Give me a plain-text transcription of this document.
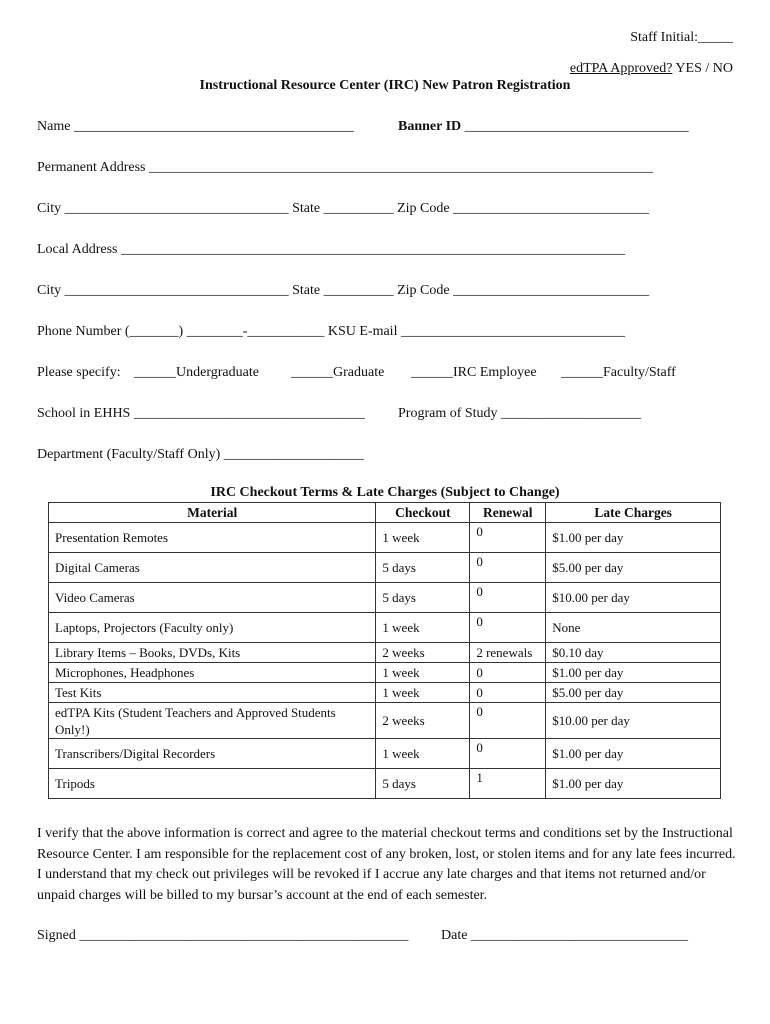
Staff Initial:_____
edTPA Approved? YES / NO
Instructional Resource Center (IRC) New Patron Registration
Name ________________________________________	Banner ID ________________________________
Permanent Address ________________________________________________________________________
City ________________________________ State __________ Zip Code ____________________________
Local Address ________________________________________________________________________
City ________________________________ State __________ Zip Code ____________________________
Phone Number (_______) ________-___________ KSU E-mail ________________________________
Please specify: ______Undergraduate ______Graduate ______IRC Employee ______Faculty/Staff
School in EHHS _________________________________ Program of Study ____________________
Department (Faculty/Staff Only) ____________________
IRC Checkout Terms & Late Charges (Subject to Change)
Material	Checkout	Renewal	Late Charges
Presentation Remotes	1 week	0	$1.00 per day
Digital Cameras	5 days	0	$5.00 per day
Video Cameras	5 days	0	$10.00 per day
Laptops, Projectors (Faculty only)	1 week	0	None
Library Items – Books, DVDs, Kits	2 weeks	2 renewals	$0.10 day
Microphones, Headphones	1 week	0	$1.00 per day
Test Kits	1 week	0	$5.00 per day
edTPA Kits (Student Teachers and Approved Students Only!)	2 weeks	0	$10.00 per day
Transcribers/Digital Recorders	1 week	0	$1.00 per day
Tripods	5 days	1	$1.00 per day
I verify that the above information is correct and agree to the material checkout terms and conditions set by the Instructional Resource Center. I am responsible for the replacement cost of any broken, lost, or stolen items and for any late fees incurred. I understand that my check out privileges will be revoked if I accrue any late charges and that items not returned and/or unpaid charges will be billed to my bursar’s account at the end of each semester.
Signed _______________________________________________ Date _______________________________
